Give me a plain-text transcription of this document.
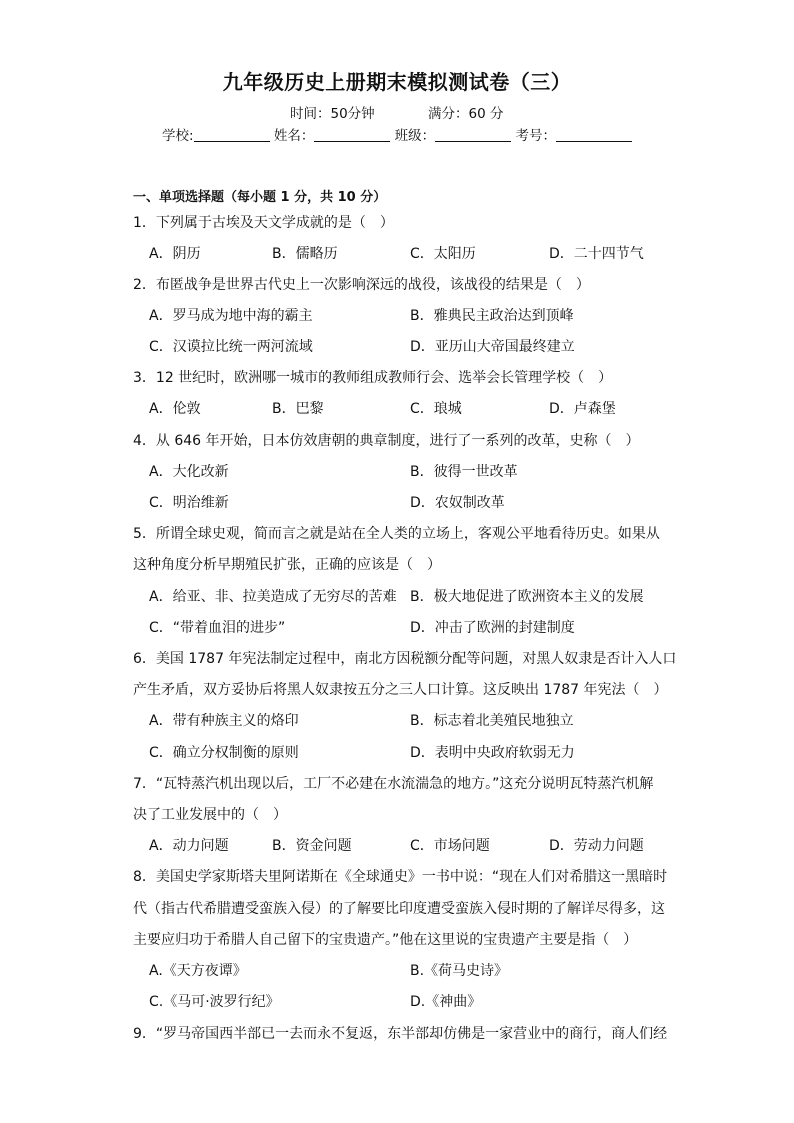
九年级历史上册期末模拟测试卷（三）
时间：50分钟	满分：60 分
学校:	姓名：	班级：	考号：
一、单项选择题（每小题 1 分，共 10 分）
1．下列属于古埃及天文学成就的是（　）
A．阴历	B．儒略历	C．太阳历	D．二十四节气
2．布匿战争是世界古代史上一次影响深远的战役，该战役的结果是（　）
A．罗马成为地中海的霸主	B．雅典民主政治达到顶峰
C．汉谟拉比统一两河流域	D．亚历山大帝国最终建立
3．12 世纪时，欧洲哪一城市的教师组成教师行会、选举会长管理学校（　）
A．伦敦	B．巴黎	C．琅城	D．卢森堡
4．从 646 年开始，日本仿效唐朝的典章制度，进行了一系列的改革，史称（　）
A．大化改新	B．彼得一世改革
C．明治维新	D．农奴制改革
5．所谓全球史观，简而言之就是站在全人类的立场上，客观公平地看待历史。如果从
这种角度分析早期殖民扩张，正确的应该是（　）
A．给亚、非、拉美造成了无穷尽的苦难 B．极大地促进了欧洲资本主义的发展
C．“带着血泪的进步”	D．冲击了欧洲的封建制度
6．美国 1787 年宪法制定过程中，南北方因税额分配等问题，对黑人奴隶是否计入人口
产生矛盾，双方妥协后将黑人奴隶按五分之三人口计算。这反映出 1787 年宪法（　）
A．带有种族主义的烙印	B．标志着北美殖民地独立
C．确立分权制衡的原则	D．表明中央政府软弱无力
7．“瓦特蒸汽机出现以后，工厂不必建在水流湍急的地方。”这充分说明瓦特蒸汽机解
决了工业发展中的（　）
A．动力问题	B．资金问题	C．市场问题	D．劳动力问题
8．美国史学家斯塔夫里阿诺斯在《全球通史》一书中说：“现在人们对希腊这一黑暗时
代（指古代希腊遭受蛮族入侵）的了解要比印度遭受蛮族入侵时期的了解详尽得多，这
主要应归功于希腊人自己留下的宝贵遗产。”他在这里说的宝贵遗产主要是指（　）
A.《天方夜谭》	B.《荷马史诗》
C.《马可·波罗行纪》	D.《神曲》
9．“罗马帝国西半部已一去而永不复返，东半部却仿佛是一家营业中的商行，商人们经
